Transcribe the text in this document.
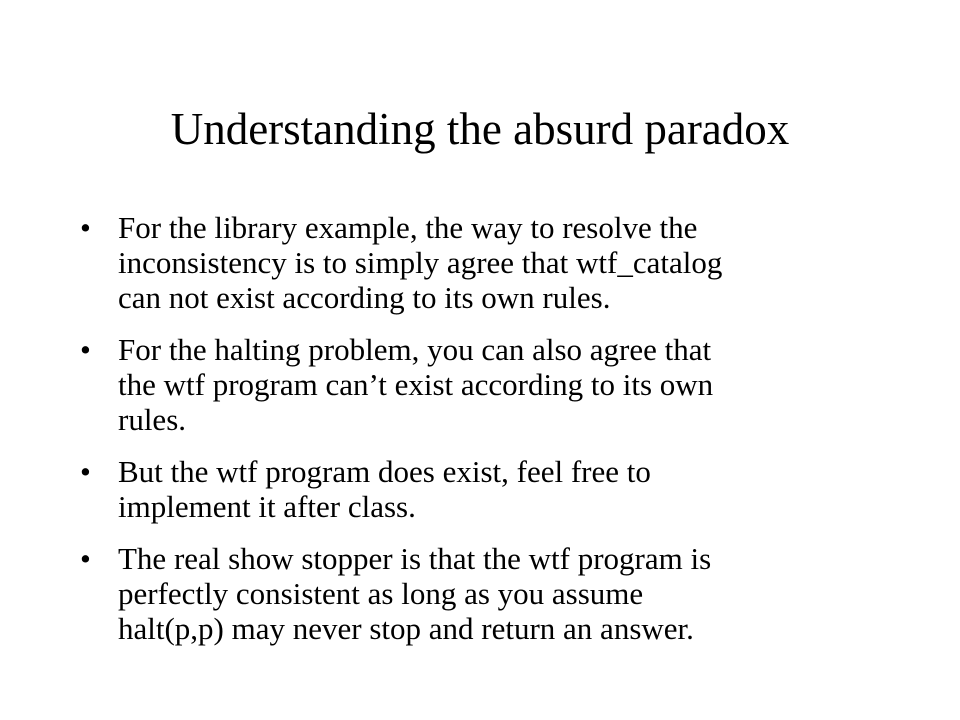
Understanding the absurd paradox
• For the library example, the way to resolve the
inconsistency is to simply agree that wtf_catalog
can not exist according to its own rules.
• For the halting problem, you can also agree that
the wtf program can’t exist according to its own
rules.
• But the wtf program does exist, feel free to
implement it after class.
• The real show stopper is that the wtf program is
perfectly consistent as long as you assume
halt(p,p) may never stop and return an answer.
